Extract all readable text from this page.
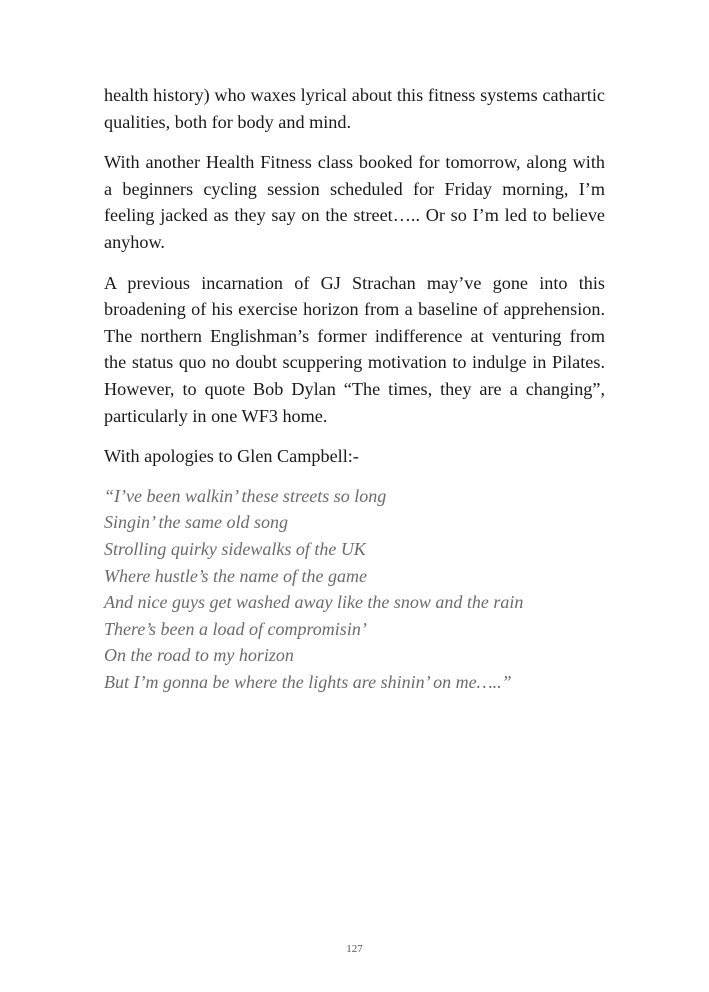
health history) who waxes lyrical about this fitness systems cathartic qualities, both for body and mind.

With another Health Fitness class booked for tomorrow, along with a beginners cycling session scheduled for Friday morning, I’m feeling jacked as they say on the street….. Or so I’m led to believe anyhow.

A previous incarnation of GJ Strachan may’ve gone into this broadening of his exercise horizon from a baseline of apprehension. The northern Englishman’s former indifference at venturing from the status quo no doubt scuppering motivation to indulge in Pilates. However, to quote Bob Dylan “The times, they are a changing”, particularly in one WF3 home.

With apologies to Glen Campbell:-

“I’ve been walkin’ these streets so long
Singin’ the same old song
Strolling quirky sidewalks of the UK
Where hustle’s the name of the game
And nice guys get washed away like the snow and the rain
There’s been a load of compromisin’
On the road to my horizon
But I’m gonna be where the lights are shinin’ on me…..”
127
